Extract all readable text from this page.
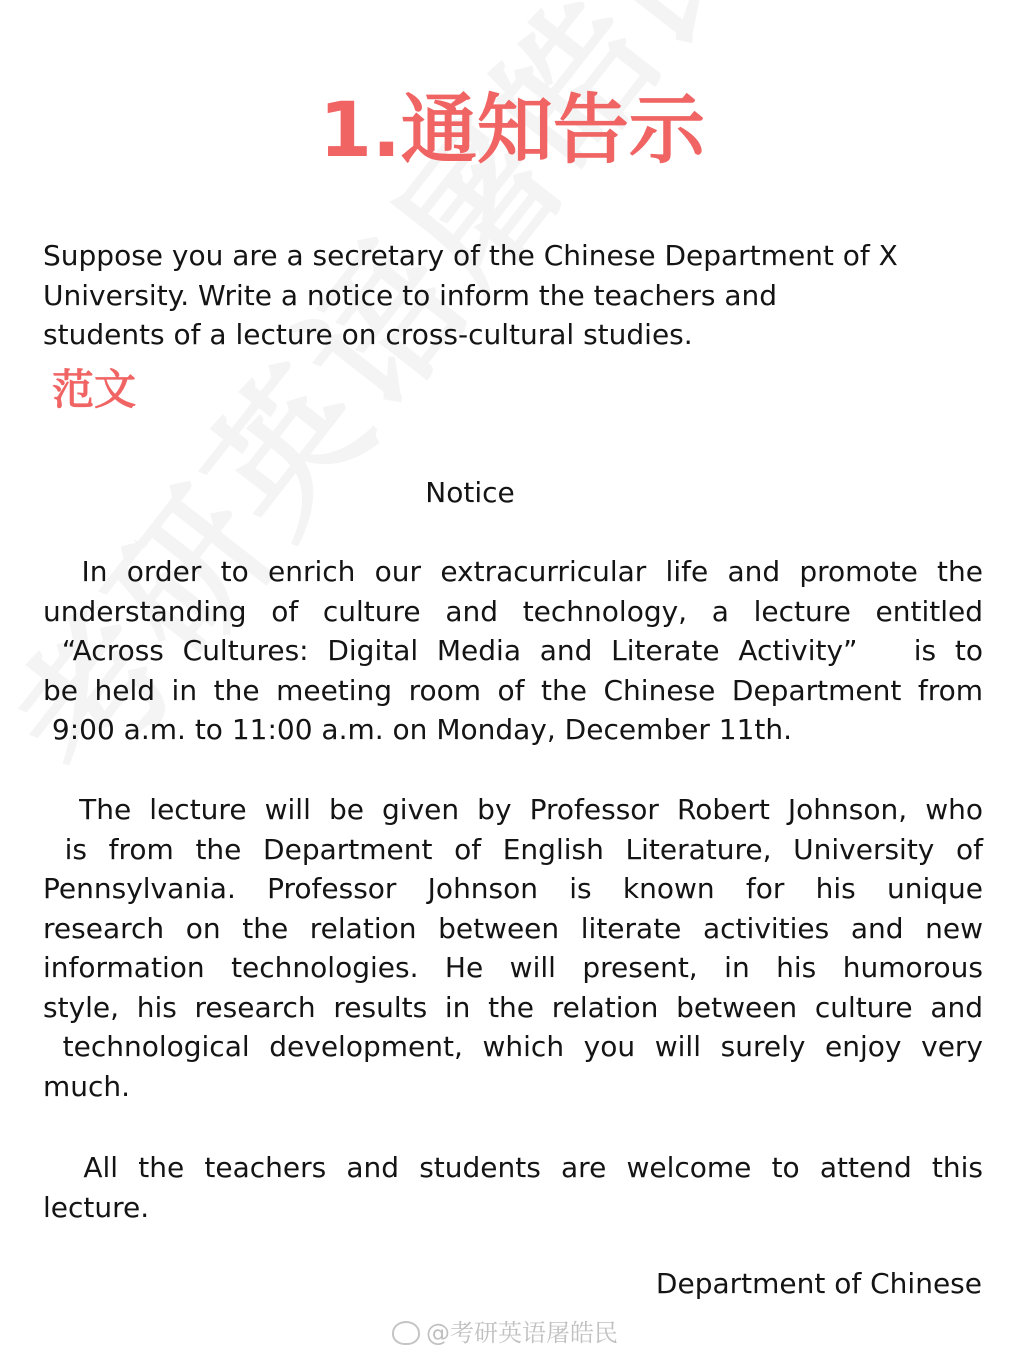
1.通知告示
Suppose you are a secretary of the Chinese Department of X
University. Write a notice to inform the teachers and
students of a lecture on cross-cultural studies.
范文
Notice
In order to enrich our extracurricular life and promote the
understanding of culture and technology, a lecture entitled
“Across Cultures: Digital Media and Literate Activity”   is to
be held in the meeting room of the Chinese Department from
9:00 a.m. to 11:00 a.m. on Monday, December 11th.
The lecture will be given by Professor Robert Johnson, who
is from the Department of English Literature, University of
Pennsylvania. Professor Johnson is known for his unique
research on the relation between literate activities and new
information technologies. He will present, in his humorous
style, his research results in the relation between culture and
technological development, which you will surely enjoy very
much.
All the teachers and students are welcome to attend this
lecture.
Department of Chinese
@考研英语屠皓民
